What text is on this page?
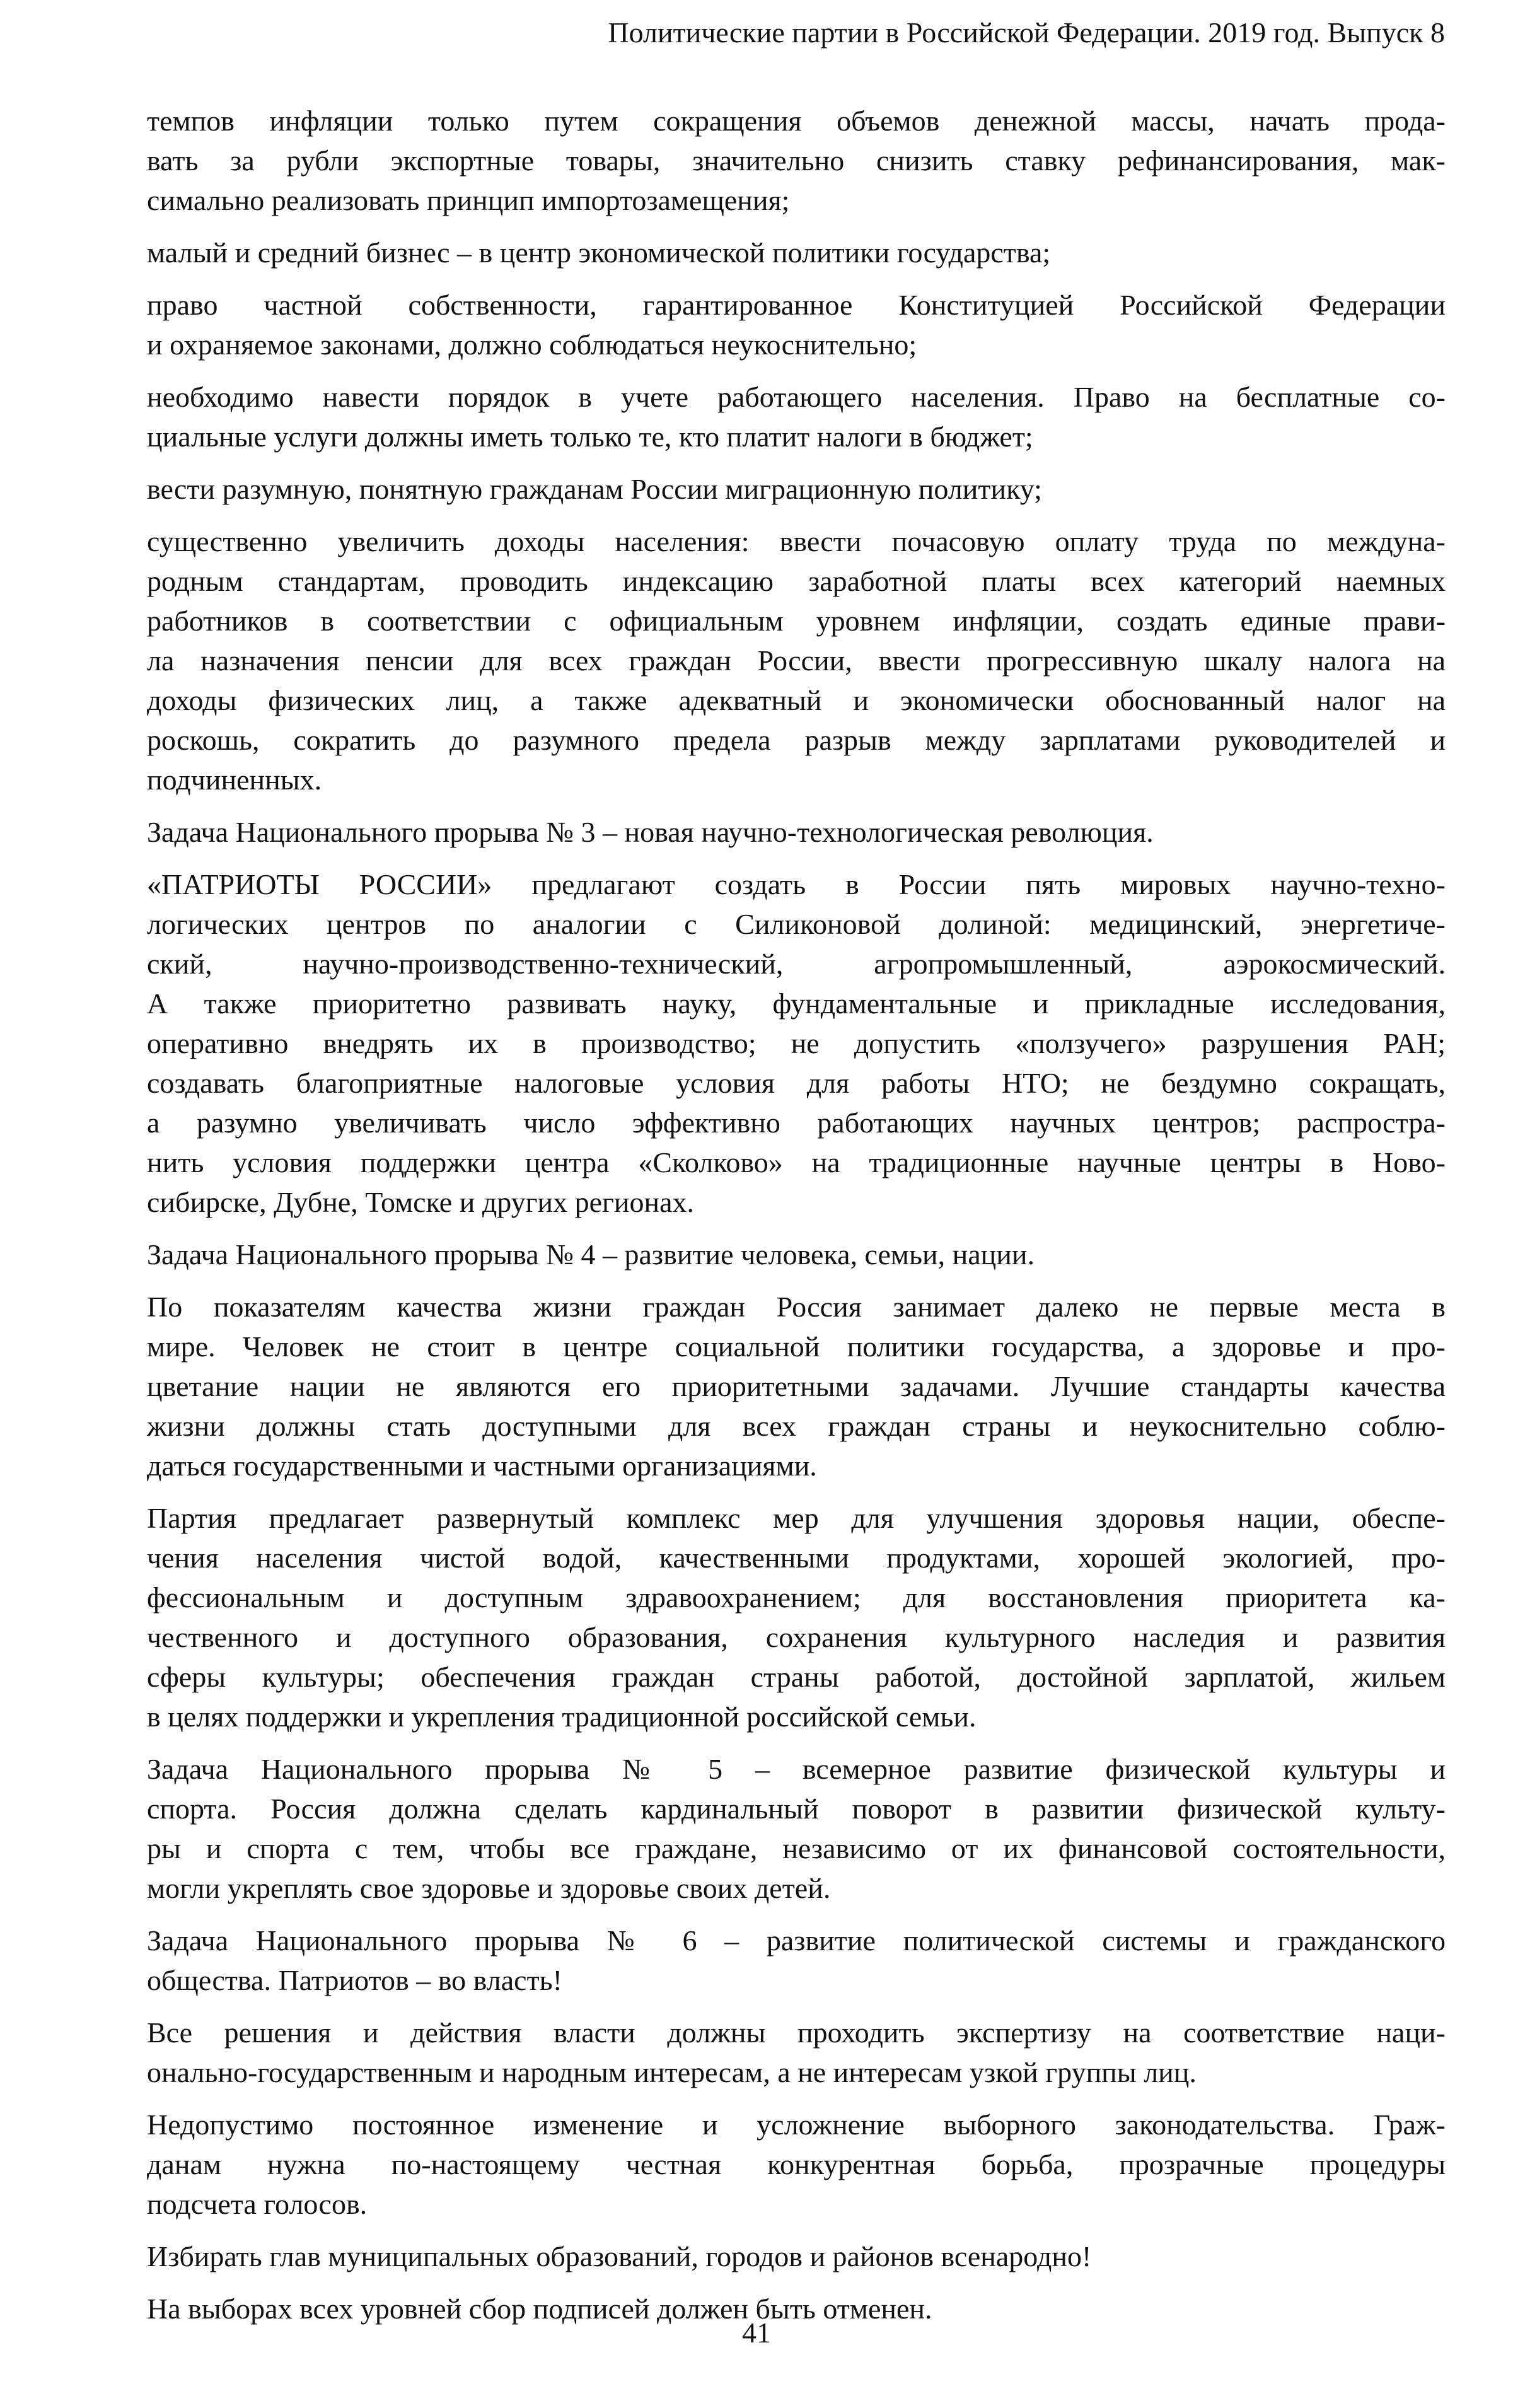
Политические партии в Российской Федерации. 2019 год. Выпуск 8
темпов инфляции только путем сокращения объемов денежной массы, начать прода-
вать за рубли экспортные товары, значительно снизить ставку рефинансирования, мак-
симально реализовать принцип импортозамещения;
малый и средний бизнес – в центр экономической политики государства;
право частной собственности, гарантированное Конституцией Российской Федерации
и охраняемое законами, должно соблюдаться неукоснительно;
необходимо навести порядок в учете работающего населения. Право на бесплатные со-
циальные услуги должны иметь только те, кто платит налоги в бюджет;
вести разумную, понятную гражданам России миграционную политику;
существенно увеличить доходы населения: ввести почасовую оплату труда по междуна-
родным стандартам, проводить индексацию заработной платы всех категорий наемных
работников в соответствии с официальным уровнем инфляции, создать единые прави-
ла назначения пенсии для всех граждан России, ввести прогрессивную шкалу налога на
доходы физических лиц, а также адекватный и экономически обоснованный налог на
роскошь, сократить до разумного предела разрыв между зарплатами руководителей и
подчиненных.
Задача Национального прорыва № 3 – новая научно-технологическая революция.
«ПАТРИОТЫ РОССИИ» предлагают создать в России пять мировых научно-техно-
логических центров по аналогии с Силиконовой долиной: медицинский, энергетиче-
ский, научно-производственно-технический, агропромышленный, аэрокосмический.
А также приоритетно развивать науку, фундаментальные и прикладные исследования,
оперативно внедрять их в производство; не допустить «ползучего» разрушения РАН;
создавать благоприятные налоговые условия для работы НТО; не бездумно сокращать,
а разумно увеличивать число эффективно работающих научных центров; распростра-
нить условия поддержки центра «Сколково» на традиционные научные центры в Ново-
сибирске, Дубне, Томске и других регионах.
Задача Национального прорыва № 4 – развитие человека, семьи, нации.
По показателям качества жизни граждан Россия занимает далеко не первые места в
мире. Человек не стоит в центре социальной политики государства, а здоровье и про-
цветание нации не являются его приоритетными задачами. Лучшие стандарты качества
жизни должны стать доступными для всех граждан страны и неукоснительно соблю-
даться государственными и частными организациями.
Партия предлагает развернутый комплекс мер для улучшения здоровья нации, обеспе-
чения населения чистой водой, качественными продуктами, хорошей экологией, про-
фессиональным и доступным здравоохранением; для восстановления приоритета ка-
чественного и доступного образования, сохранения культурного наследия и развития
сферы культуры; обеспечения граждан страны работой, достойной зарплатой, жильем
в целях поддержки и укрепления традиционной российской семьи.
Задача Национального прорыва № 5 – всемерное развитие физической культуры и
спорта. Россия должна сделать кардинальный поворот в развитии физической культу-
ры и спорта с тем, чтобы все граждане, независимо от их финансовой состоятельности,
могли укреплять свое здоровье и здоровье своих детей.
Задача Национального прорыва № 6 – развитие политической системы и гражданского
общества. Патриотов – во власть!
Все решения и действия власти должны проходить экспертизу на соответствие наци-
онально-государственным и народным интересам, а не интересам узкой группы лиц.
Недопустимо постоянное изменение и усложнение выборного законодательства. Граж-
данам нужна по-настоящему честная конкурентная борьба, прозрачные процедуры
подсчета голосов.
Избирать глав муниципальных образований, городов и районов всенародно!
На выборах всех уровней сбор подписей должен быть отменен.
41
